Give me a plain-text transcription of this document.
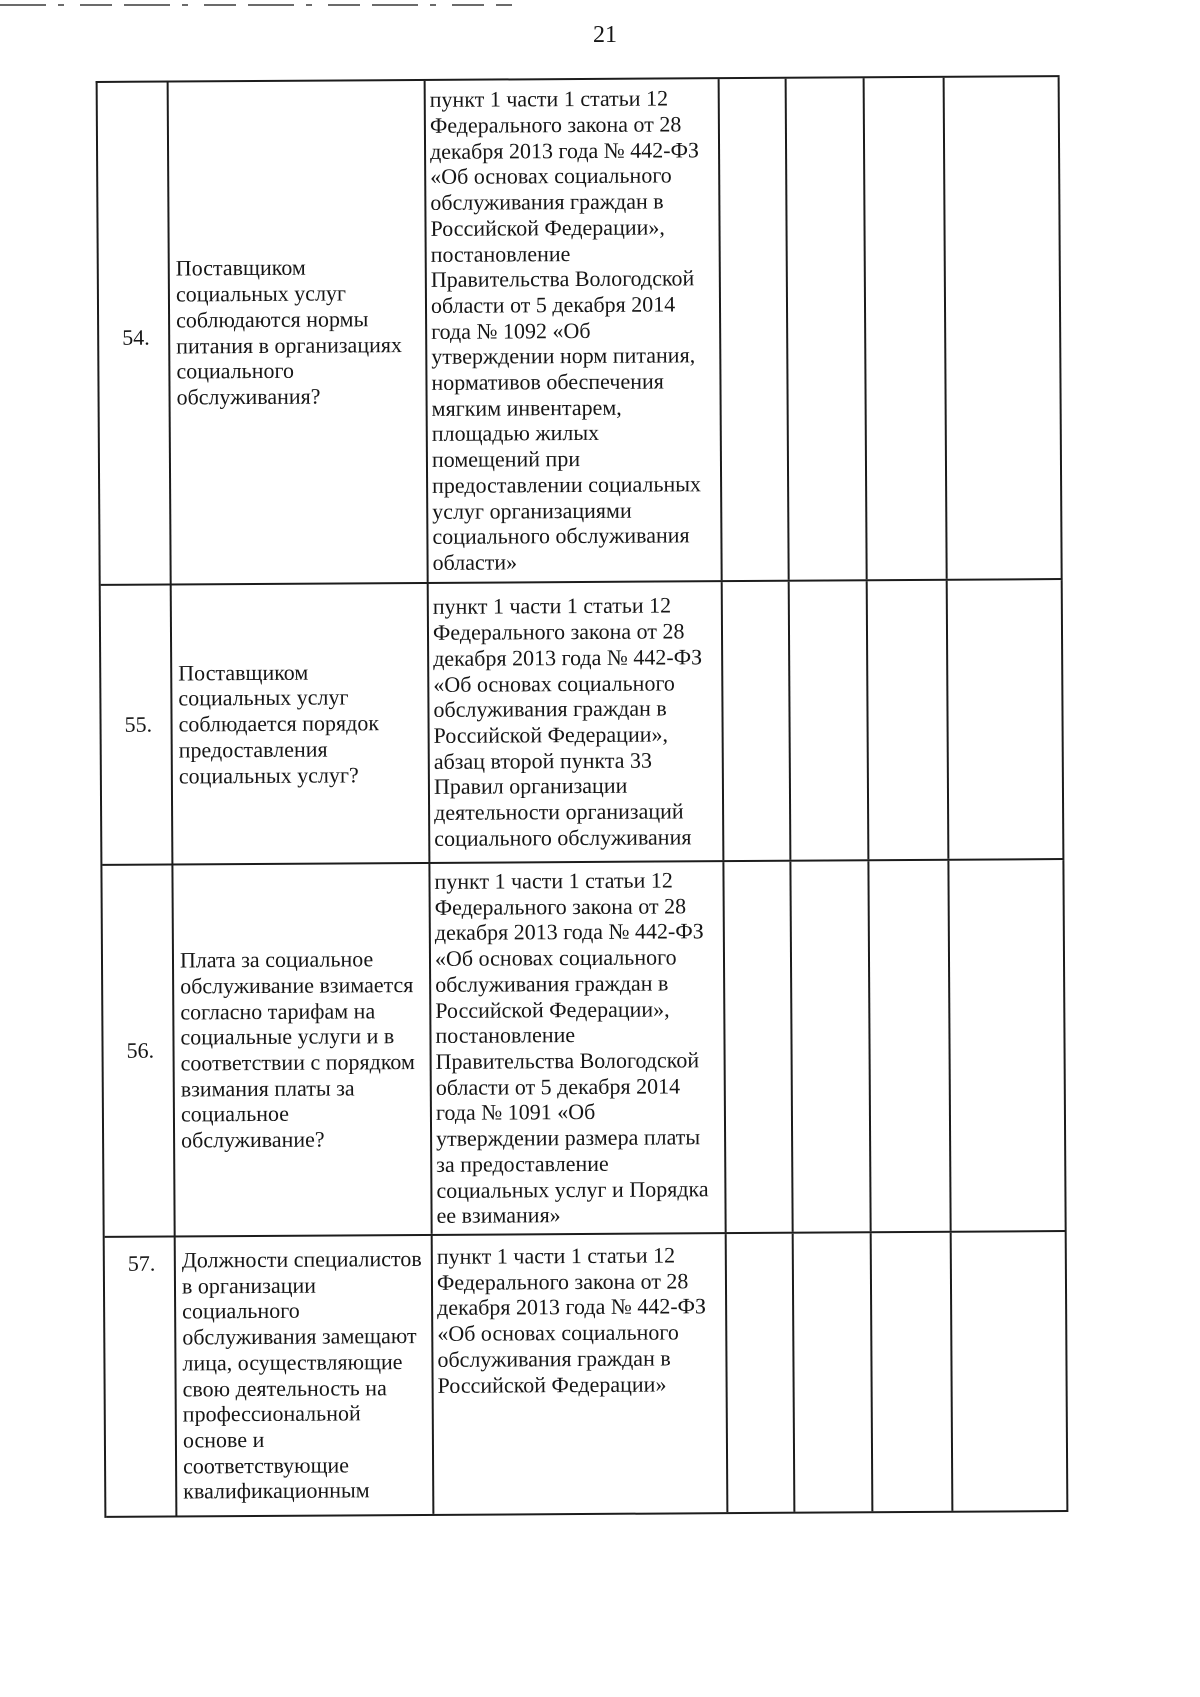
21
54.
Поставщиком
социальных услуг
соблюдаются нормы
питания в организациях
социального
обслуживания?
пункт 1 части 1 статьи 12
Федерального закона от 28
декабря 2013 года № 442-ФЗ
«Об основах социального
обслуживания граждан в
Российской Федерации»,
постановление
Правительства Вологодской
области от 5 декабря 2014
года № 1092 «Об
утверждении норм питания,
нормативов обеспечения
мягким инвентарем,
площадью жилых
помещений при
предоставлении социальных
услуг организациями
социального обслуживания
области»
55.
Поставщиком
социальных услуг
соблюдается порядок
предоставления
социальных услуг?
пункт 1 части 1 статьи 12
Федерального закона от 28
декабря 2013 года № 442-ФЗ
«Об основах социального
обслуживания граждан в
Российской Федерации»,
абзац второй пункта 33
Правил организации
деятельности организаций
социального обслуживания
56.
Плата за социальное
обслуживание взимается
согласно тарифам на
социальные услуги и в
соответствии с порядком
взимания платы за
социальное
обслуживание?
пункт 1 части 1 статьи 12
Федерального закона от 28
декабря 2013 года № 442-ФЗ
«Об основах социального
обслуживания граждан в
Российской Федерации»,
постановление
Правительства Вологодской
области от 5 декабря 2014
года № 1091 «Об
утверждении размера платы
за предоставление
социальных услуг и Порядка
ее взимания»
57. Должности специалистов
в организации
социального
обслуживания замещают
лица, осуществляющие
свою деятельность на
профессиональной
основе и
соответствующие
квалификационным
пункт 1 части 1 статьи 12
Федерального закона от 28
декабря 2013 года № 442-ФЗ
«Об основах социального
обслуживания граждан в
Российской Федерации»
